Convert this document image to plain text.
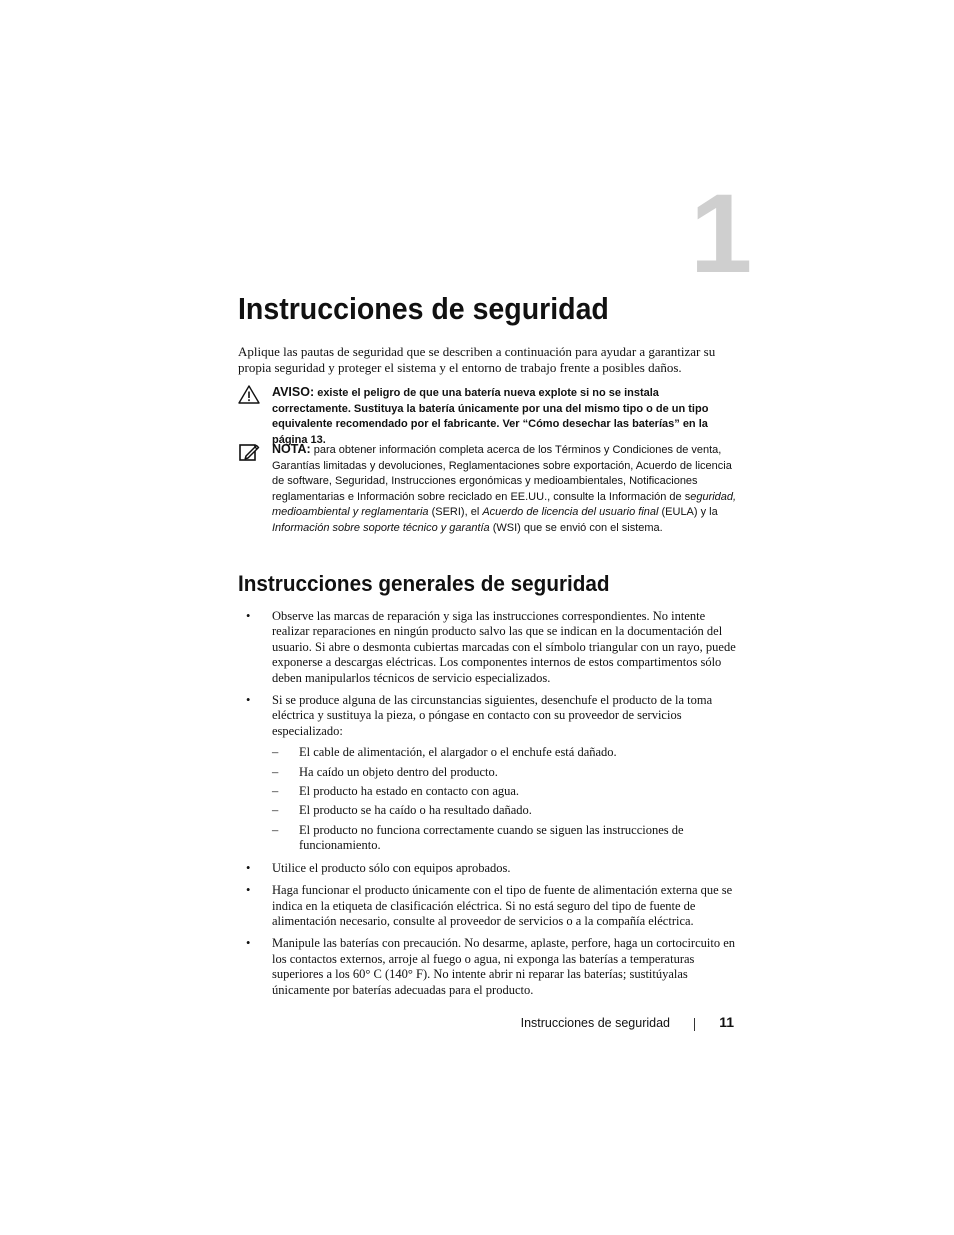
1
Instrucciones de seguridad

Aplique las pautas de seguridad que se describen a continuación para ayudar a garantizar su propia seguridad y proteger el sistema y el entorno de trabajo frente a posibles daños.

AVISO: existe el peligro de que una batería nueva explote si no se instala correctamente. Sustituya la batería únicamente por una del mismo tipo o de un tipo equivalente recomendado por el fabricante. Ver “Cómo desechar las baterías” en la página 13.
NOTA: para obtener información completa acerca de los Términos y Condiciones de venta, Garantías limitadas y devoluciones, Reglamentaciones sobre exportación, Acuerdo de licencia de software, Seguridad, Instrucciones ergonómicas y medioambientales, Notificaciones reglamentarias e Información sobre reciclado en EE.UU., consulte la Información de seguridad, medioambiental y reglamentaria (SERI), el Acuerdo de licencia del usuario final (EULA) y la Información sobre soporte técnico y garantía (WSI) que se envió con el sistema.
Instrucciones generales de seguridad
• Observe las marcas de reparación y siga las instrucciones correspondientes. No intente realizar reparaciones en ningún producto salvo las que se indican en la documentación del usuario. Si abre o desmonta cubiertas marcadas con el símbolo triangular con un rayo, puede exponerse a descargas eléctricas. Los componentes internos de estos compartimentos sólo deben manipularlos técnicos de servicio especializados.
• Si se produce alguna de las circunstancias siguientes, desenchufe el producto de la toma eléctrica y sustituya la pieza, o póngase en contacto con su proveedor de servicios especializado:
– El cable de alimentación, el alargador o el enchufe está dañado.
– Ha caído un objeto dentro del producto.
– El producto ha estado en contacto con agua.
– El producto se ha caído o ha resultado dañado.
– El producto no funciona correctamente cuando se siguen las instrucciones de funcionamiento.
• Utilice el producto sólo con equipos aprobados.
• Haga funcionar el producto únicamente con el tipo de fuente de alimentación externa que se indica en la etiqueta de clasificación eléctrica. Si no está seguro del tipo de fuente de alimentación necesario, consulte al proveedor de servicios o a la compañía eléctrica.
• Manipule las baterías con precaución. No desarme, aplaste, perfore, haga un cortocircuito en los contactos externos, arroje al fuego o agua, ni exponga las baterías a temperaturas superiores a los 60° C (140° F). No intente abrir ni reparar las baterías; sustitúyalas únicamente por baterías adecuadas para el producto.
Instrucciones de seguridad	11
